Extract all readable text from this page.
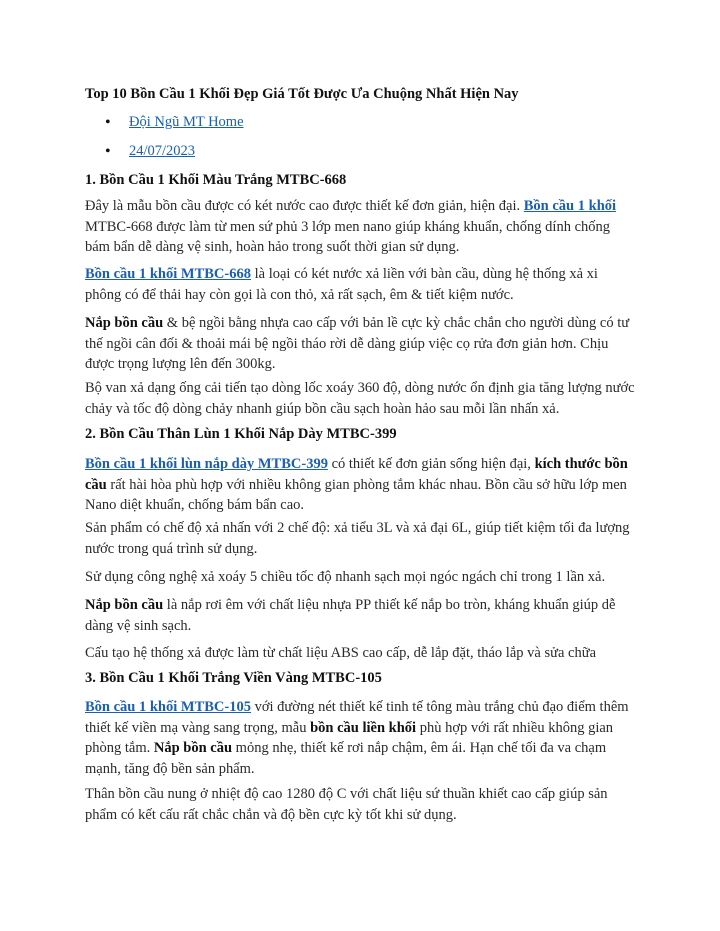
Top 10 Bồn Cầu 1 Khối Đẹp Giá Tốt Được Ưa Chuộng Nhất Hiện Nay
• Đội Ngũ MT Home
• 24/07/2023
1. Bồn Cầu 1 Khối Màu Trắng MTBC-668

Đây là mẫu bồn cầu được có két nước cao được thiết kế đơn giản, hiện đại. Bồn cầu 1 khối MTBC-668 được làm từ men sứ phủ 3 lớp men nano giúp kháng khuẩn, chống dính chống bám bẩn dễ dàng vệ sinh, hoàn hảo trong suốt thời gian sử dụng.

Bồn cầu 1 khối MTBC-668 là loại có két nước xả liền với bàn cầu, dùng hệ thống xả xi phông có để thải hay còn gọi là con thỏ, xả rất sạch, êm & tiết kiệm nước.

Nắp bồn cầu & bệ ngồi bằng nhựa cao cấp với bản lề cực kỳ chắc chắn cho người dùng có tư thế ngồi cân đối & thoải mái bệ ngồi tháo rời dễ dàng giúp việc cọ rửa đơn giản hơn. Chịu được trọng lượng lên đến 300kg.

Bộ van xả dạng ống cải tiến tạo dòng lốc xoáy 360 độ, dòng nước ổn định gia tăng lượng nước chảy và tốc độ dòng chảy nhanh giúp bồn cầu sạch hoàn hảo sau mỗi lần nhấn xả.

2. Bồn Cầu Thân Lùn 1 Khối Nắp Dày MTBC-399

Bồn cầu 1 khối lùn nắp dày MTBC-399 có thiết kế đơn giản sống hiện đại, kích thước bồn cầu rất hài hòa phù hợp với nhiều không gian phòng tắm khác nhau. Bồn cầu sở hữu lớp men Nano diệt khuẩn, chống bám bẩn cao.

Sản phẩm có chế độ xả nhấn với 2 chế độ: xả tiểu 3L và xả đại 6L, giúp tiết kiệm tối đa lượng nước trong quá trình sử dụng.

Sử dụng công nghệ xả xoáy 5 chiều tốc độ nhanh sạch mọi ngóc ngách chỉ trong 1 lần xả.

Nắp bồn cầu là nắp rơi êm với chất liệu nhựa PP thiết kế nắp bo tròn, kháng khuẩn giúp dễ dàng vệ sinh sạch.

Cấu tạo hệ thống xả được làm từ chất liệu ABS cao cấp, dễ lắp đặt, tháo lắp và sửa chữa

3. Bồn Cầu 1 Khối Trắng Viền Vàng MTBC-105

Bồn cầu 1 khối MTBC-105 với đường nét thiết kế tinh tế tông màu trắng chủ đạo điểm thêm thiết kế viền mạ vàng sang trọng, mẫu bồn cầu liền khối phù hợp với rất nhiều không gian phòng tắm. Nắp bồn cầu mỏng nhẹ, thiết kế rơi nắp chậm, êm ái. Hạn chế tối đa va chạm mạnh, tăng độ bền sản phẩm.

Thân bồn cầu nung ở nhiệt độ cao 1280 độ C với chất liệu sứ thuần khiết cao cấp giúp sản phẩm có kết cấu rất chắc chắn và độ bền cực kỳ tốt khi sử dụng.
